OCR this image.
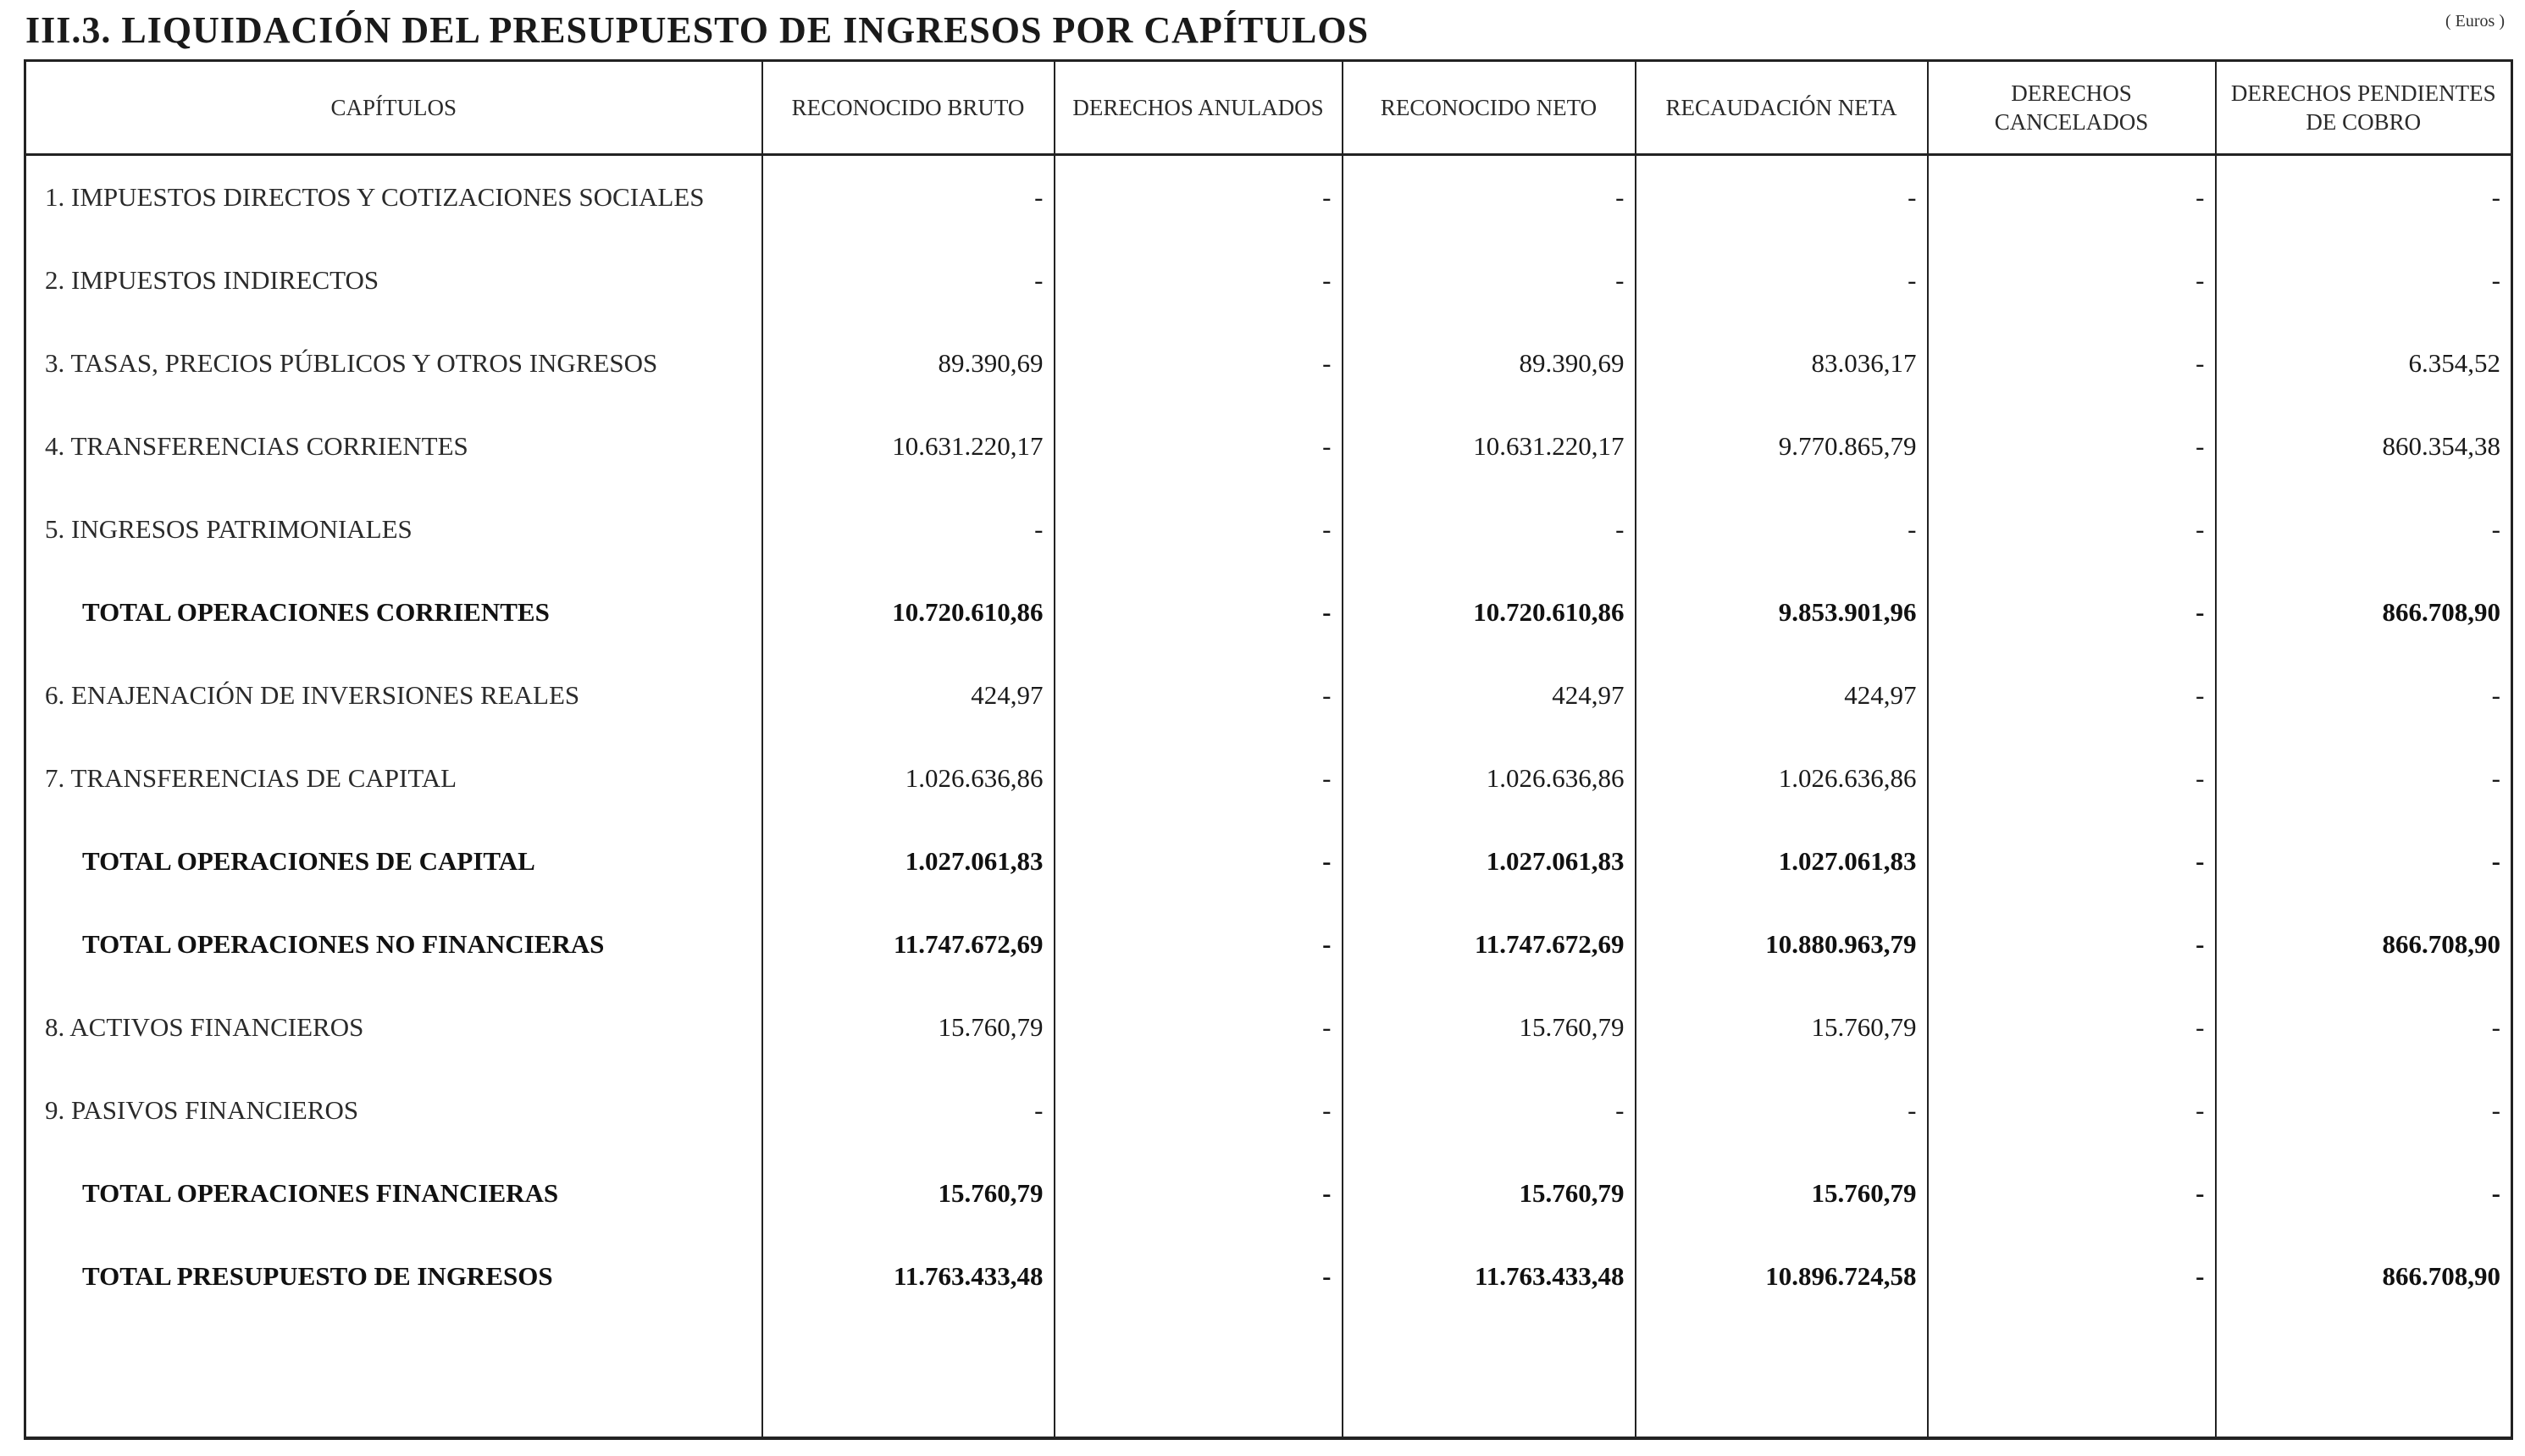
III.3. LIQUIDACIÓN DEL PRESUPUESTO DE INGRESOS POR CAPÍTULOS	( Euros )
CAPÍTULOS	RECONOCIDO BRUTO	DERECHOS ANULADOS	RECONOCIDO NETO	RECAUDACIÓN NETA	DERECHOS CANCELADOS	DERECHOS PENDIENTES DE COBRO
1. IMPUESTOS DIRECTOS Y COTIZACIONES SOCIALES	-	-	-	-	-	-
2. IMPUESTOS INDIRECTOS	-	-	-	-	-	-
3. TASAS, PRECIOS PÚBLICOS Y OTROS INGRESOS	89.390,69	-	89.390,69	83.036,17	-	6.354,52
4. TRANSFERENCIAS CORRIENTES	10.631.220,17	-	10.631.220,17	9.770.865,79	-	860.354,38
5. INGRESOS PATRIMONIALES	-	-	-	-	-	-
TOTAL OPERACIONES CORRIENTES	10.720.610,86	-	10.720.610,86	9.853.901,96	-	866.708,90
6. ENAJENACIÓN DE INVERSIONES REALES	424,97	-	424,97	424,97	-	-
7. TRANSFERENCIAS DE CAPITAL	1.026.636,86	-	1.026.636,86	1.026.636,86	-	-
TOTAL OPERACIONES DE CAPITAL	1.027.061,83	-	1.027.061,83	1.027.061,83	-	-
TOTAL OPERACIONES NO FINANCIERAS	11.747.672,69	-	11.747.672,69	10.880.963,79	-	866.708,90
8. ACTIVOS FINANCIEROS	15.760,79	-	15.760,79	15.760,79	-	-
9. PASIVOS FINANCIEROS	-	-	-	-	-	-
TOTAL OPERACIONES FINANCIERAS	15.760,79	-	15.760,79	15.760,79	-	-
TOTAL PRESUPUESTO DE INGRESOS	11.763.433,48	-	11.763.433,48	10.896.724,58	-	866.708,90
